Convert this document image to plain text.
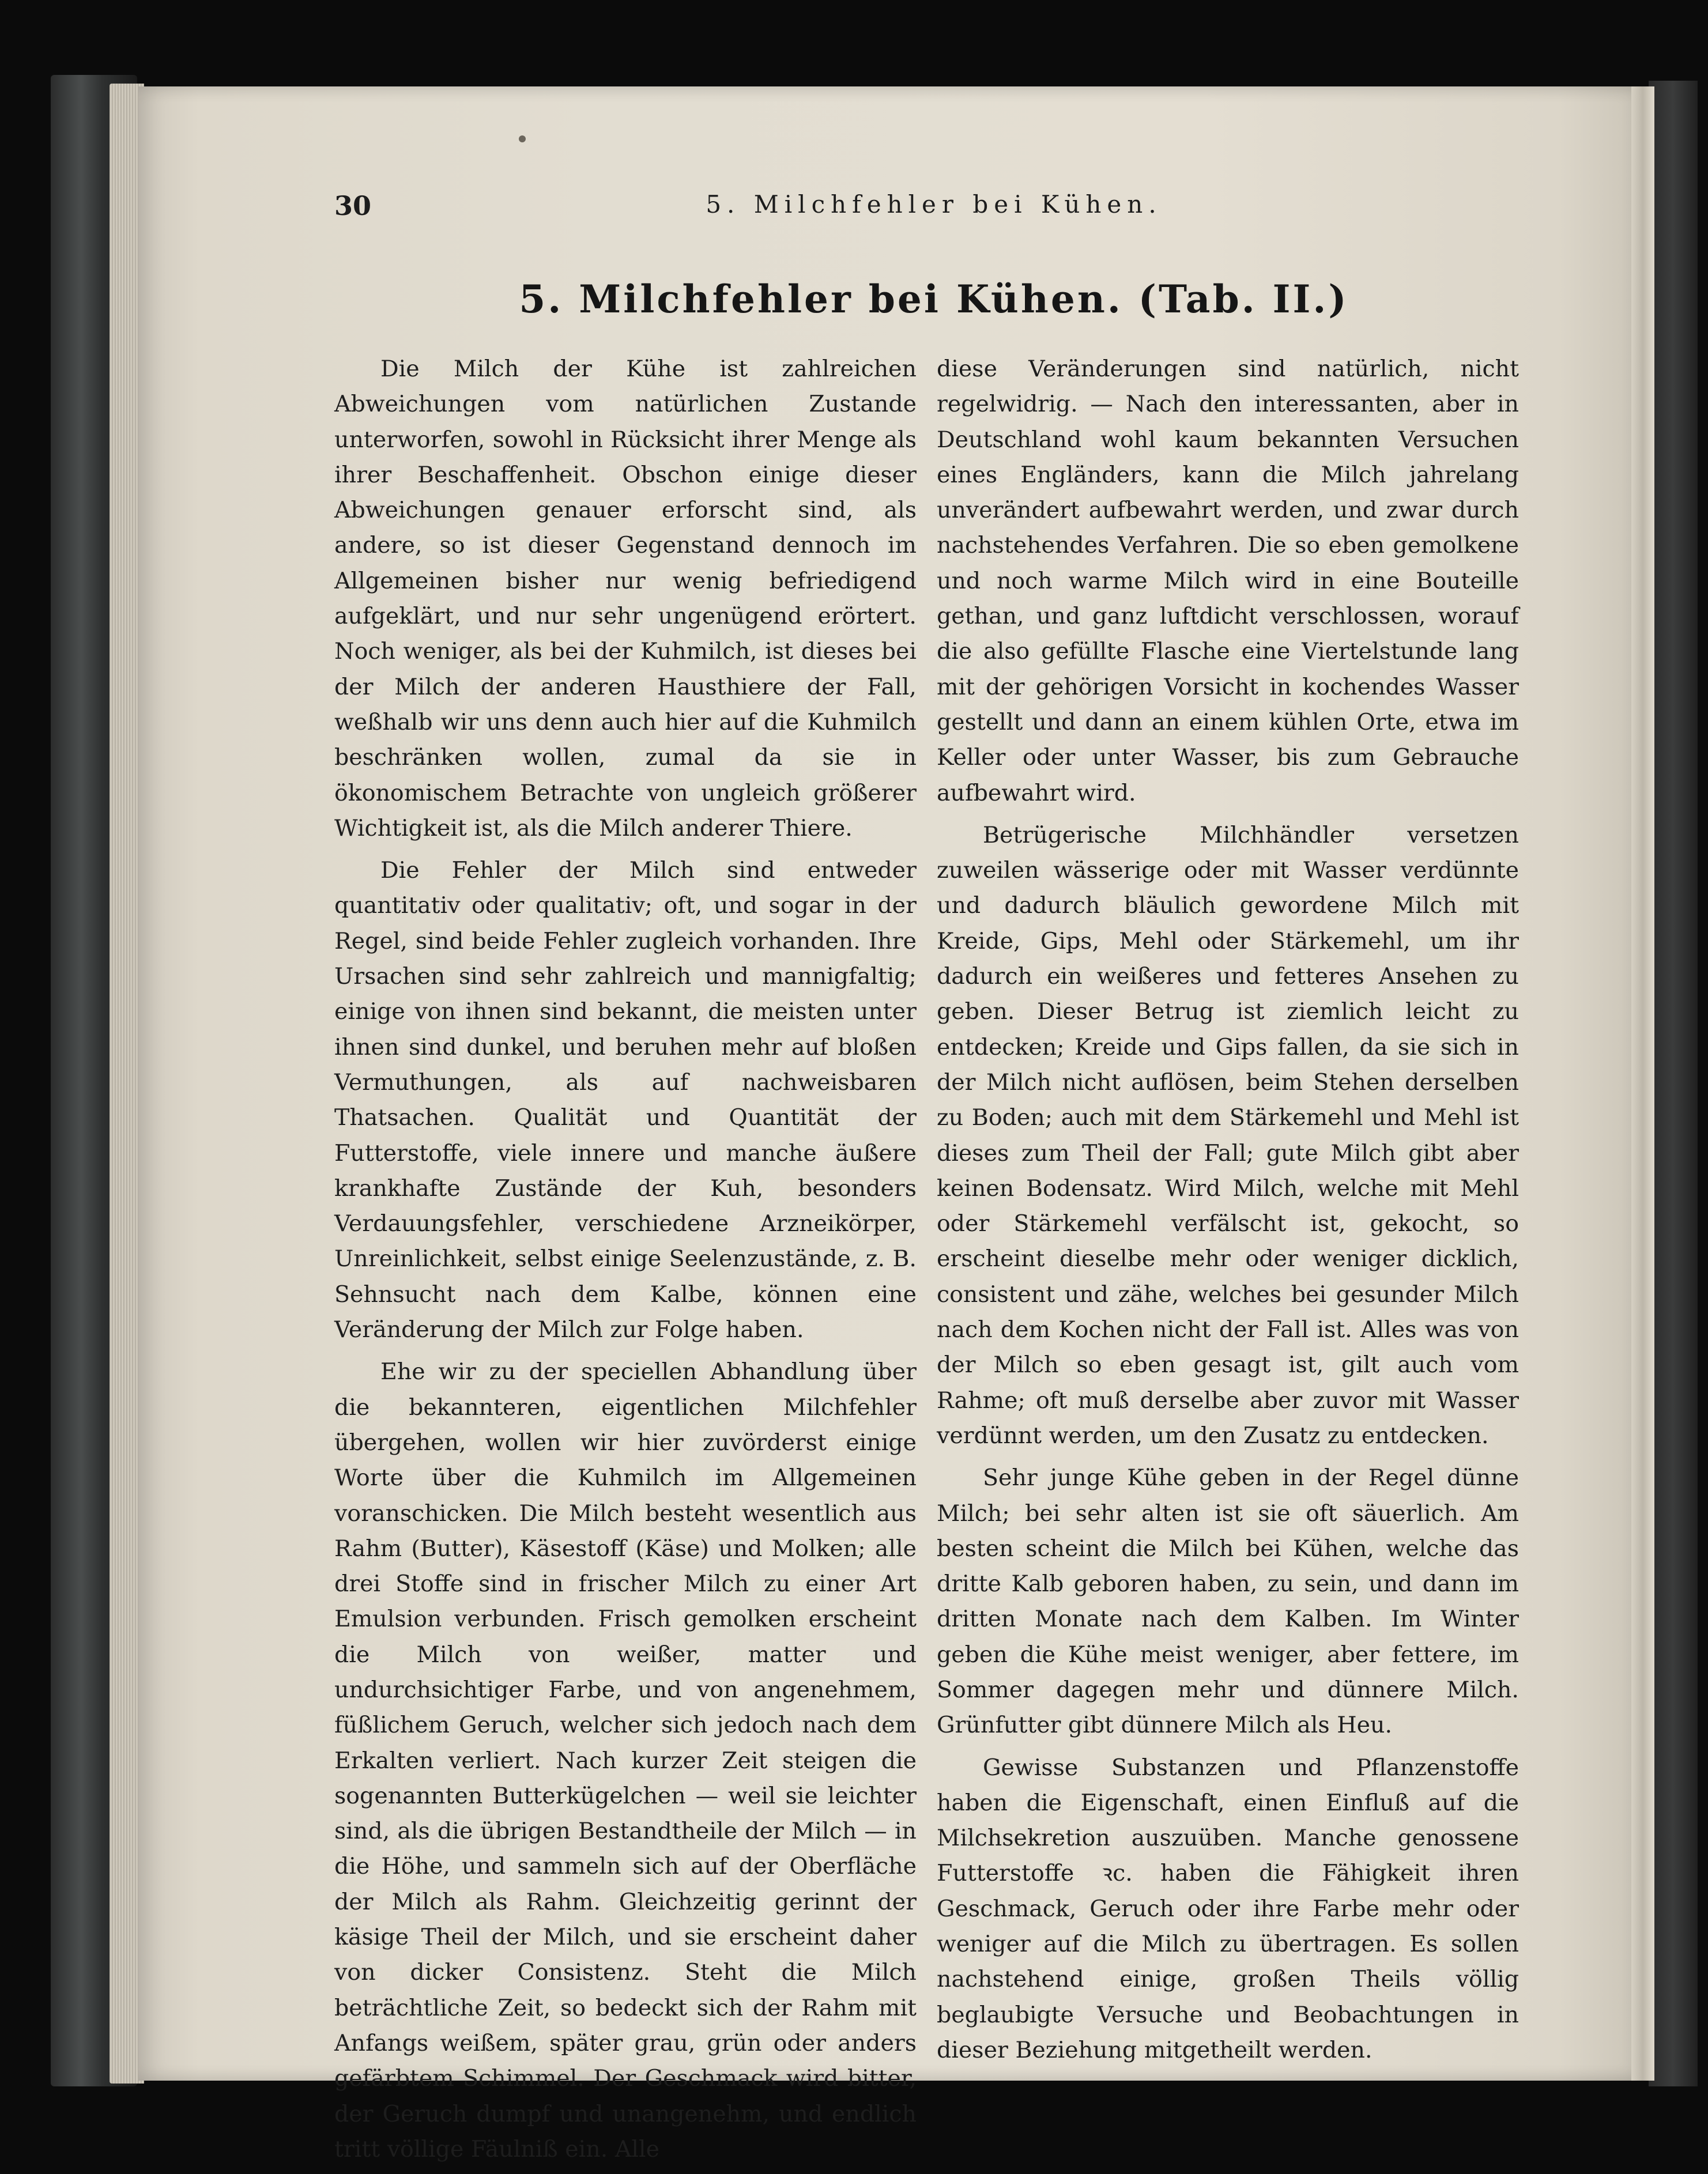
30	5. Milchfehler bei Kühen.
5. Milchfehler bei Kühen. (Tab. II.)

Die Milch der Kühe ist zahlreichen Abweichungen vom natürlichen Zustande unterworfen, sowohl in Rücksicht ihrer Menge als ihrer Beschaffenheit. Obschon einige dieser Abweichungen genauer erforscht sind, als andere, so ist dieser Gegenstand dennoch im Allgemeinen bisher nur wenig befriedigend aufgeklärt, und nur sehr ungenügend erörtert. Noch weniger, als bei der Kuhmilch, ist dieses bei der Milch der anderen Hausthiere der Fall, weßhalb wir uns denn auch hier auf die Kuhmilch beschränken wollen, zumal da sie in ökonomischem Betrachte von ungleich größerer Wichtigkeit ist, als die Milch anderer Thiere.

Die Fehler der Milch sind entweder quantitativ oder qualitativ; oft, und sogar in der Regel, sind beide Fehler zugleich vorhanden. Ihre Ursachen sind sehr zahlreich und mannigfaltig; einige von ihnen sind bekannt, die meisten unter ihnen sind dunkel, und beruhen mehr auf bloßen Vermuthungen, als auf nachweisbaren Thatsachen. Qualität und Quantität der Futterstoffe, viele innere und manche äußere krankhafte Zustände der Kuh, besonders Verdauungsfehler, verschiedene Arzneikörper, Unreinlichkeit, selbst einige Seelenzustände, z. B. Sehnsucht nach dem Kalbe, können eine Veränderung der Milch zur Folge haben.

Ehe wir zu der speciellen Abhandlung über die bekannteren, eigentlichen Milchfehler übergehen, wollen wir hier zuvörderst einige Worte über die Kuhmilch im Allgemeinen voranschicken. Die Milch besteht wesentlich aus Rahm (Butter), Käsestoff (Käse) und Molken; alle drei Stoffe sind in frischer Milch zu einer Art Emulsion verbunden. Frisch gemolken erscheint die Milch von weißer, matter und undurchsichtiger Farbe, und von angenehmem, füßlichem Geruch, welcher sich jedoch nach dem Erkalten verliert. Nach kurzer Zeit steigen die sogenannten Butterkügelchen — weil sie leichter sind, als die übrigen Bestandtheile der Milch — in die Höhe, und sammeln sich auf der Oberfläche der Milch als Rahm. Gleichzeitig gerinnt der käsige Theil der Milch, und sie erscheint daher von dicker Consistenz. Steht die Milch beträchtliche Zeit, so bedeckt sich der Rahm mit Anfangs weißem, später grau, grün oder anders gefärbtem Schimmel. Der Geschmack wird bitter, der Geruch dumpf und unangenehm, und endlich tritt völlige Fäulniß ein. Alle

diese Veränderungen sind natürlich, nicht regelwidrig. — Nach den interessanten, aber in Deutschland wohl kaum bekannten Versuchen eines Engländers, kann die Milch jahrelang unverändert aufbewahrt werden, und zwar durch nachstehendes Verfahren. Die so eben gemolkene und noch warme Milch wird in eine Bouteille gethan, und ganz luftdicht verschlossen, worauf die also gefüllte Flasche eine Viertelstunde lang mit der gehörigen Vorsicht in kochendes Wasser gestellt und dann an einem kühlen Orte, etwa im Keller oder unter Wasser, bis zum Gebrauche aufbewahrt wird.

Betrügerische Milchhändler versetzen zuweilen wässerige oder mit Wasser verdünnte und dadurch bläulich gewordene Milch mit Kreide, Gips, Mehl oder Stärkemehl, um ihr dadurch ein weißeres und fetteres Ansehen zu geben. Dieser Betrug ist ziemlich leicht zu entdecken; Kreide und Gips fallen, da sie sich in der Milch nicht auflösen, beim Stehen derselben zu Boden; auch mit dem Stärkemehl und Mehl ist dieses zum Theil der Fall; gute Milch gibt aber keinen Bodensatz. Wird Milch, welche mit Mehl oder Stärkemehl verfälscht ist, gekocht, so erscheint dieselbe mehr oder weniger dicklich, consistent und zähe, welches bei gesunder Milch nach dem Kochen nicht der Fall ist. Alles was von der Milch so eben gesagt ist, gilt auch vom Rahme; oft muß derselbe aber zuvor mit Wasser verdünnt werden, um den Zusatz zu entdecken.

Sehr junge Kühe geben in der Regel dünne Milch; bei sehr alten ist sie oft säuerlich. Am besten scheint die Milch bei Kühen, welche das dritte Kalb geboren haben, zu sein, und dann im dritten Monate nach dem Kalben. Im Winter geben die Kühe meist weniger, aber fettere, im Sommer dagegen mehr und dünnere Milch. Grünfutter gibt dünnere Milch als Heu.

Gewisse Substanzen und Pflanzenstoffe haben die Eigenschaft, einen Einfluß auf die Milchsekretion auszuüben. Manche genossene Futterstoffe ꝛc. haben die Fähigkeit ihren Geschmack, Geruch oder ihre Farbe mehr oder weniger auf die Milch zu übertragen. Es sollen nachstehend einige, großen Theils völlig beglaubigte Versuche und Beobachtungen in dieser Beziehung mitgetheilt werden.
